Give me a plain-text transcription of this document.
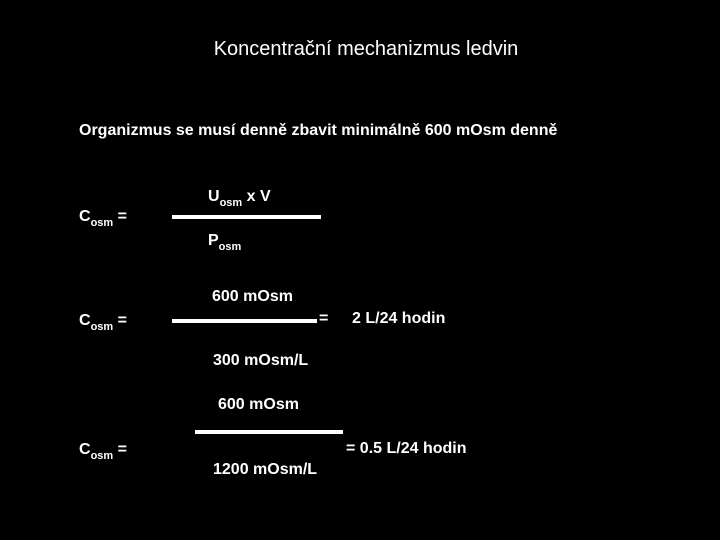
Koncentrační mechanizmus ledvin
Organizmus se musí denně zbavit minimálně 600 mOsm denně
$C_{osm}$ =
$U_{osm}$ x V
$P_{osm}$
$C_{osm}$ =
600 mOsm
= 2 L/24 hodin
300 mOsm/L
$C_{osm}$ =
600 mOsm
= 0.5 L/24 hodin
1200 mOsm/L
